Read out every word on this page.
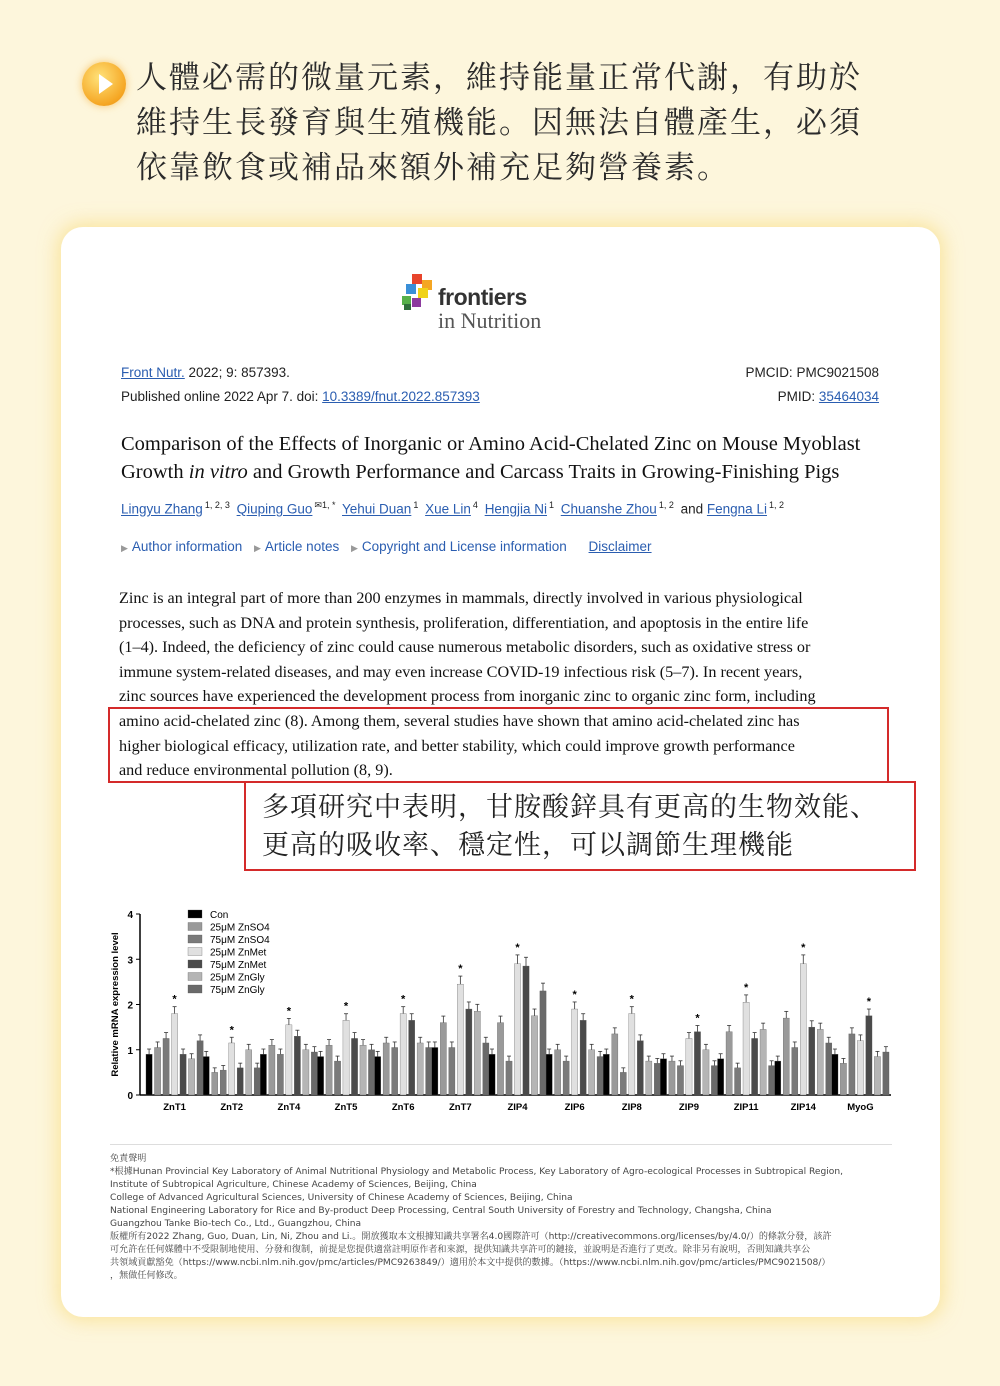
人體必需的微量元素，維持能量正常代謝，有助於
維持生長發育與生殖機能。因無法自體產生，必須
依靠飲食或補品來額外補充足夠營養素。
frontiers
in Nutrition
Front Nutr. 2022; 9: 857393.
Published online 2022 Apr 7. doi: 10.3389/fnut.2022.857393
PMCID: PMC9021508
PMID: 35464034
Comparison of the Effects of Inorganic or Amino Acid-Chelated Zinc on Mouse Myoblast
Growth in vitro and Growth Performance and Carcass Traits in Growing-Finishing Pigs
Lingyu Zhang $^{1, 2, 3}$ Qiuping Guo $^{✉1, *}$ Yehui Duan $^1$ Xue Lin $^4$ Hengjia Ni $^1$ Chuanshe Zhou $^{1, 2}$ and Fengna Li $^{1, 2}$
▶ Author information ▶ Article notes ▶ Copyright and License information Disclaimer
Zinc is an integral part of more than 200 enzymes in mammals, directly involved in various physiological
processes, such as DNA and protein synthesis, proliferation, differentiation, and apoptosis in the entire life
(1–4). Indeed, the deficiency of zinc could cause numerous metabolic disorders, such as oxidative stress or
immune system-related diseases, and may even increase COVID-19 infectious risk (5–7). In recent years,
zinc sources have experienced the development process from inorganic zinc to organic zinc form, including
amino acid-chelated zinc (8). Among them, several studies have shown that amino acid-chelated zinc has
higher biological efficacy, utilization rate, and better stability, which could improve growth performance
and reduce environmental pollution (8, 9).
多項研究中表明，甘胺酸鋅具有更高的生物效能、
更高的吸收率、穩定性，可以調節生理機能
0
1
2
3
4
Relative mRNA expression level
ZnT1	ZnT2	ZnT4	ZnT5	ZnT6	ZnT7	ZIP4	ZIP6	ZIP8	ZIP9	ZIP11	ZIP14	MyoG
*
*
*	*
*
*
*
*	*
*
*
*
*
Con
25μM ZnSO4
75μM ZnSO4
25μM ZnMet
75μM ZnMet
25μM ZnGly
75μM ZnGly
免責聲明
*根據Hunan Provincial Key Laboratory of Animal Nutritional Physiology and Metabolic Process, Key Laboratory of Agro-ecological Processes in Subtropical Region,
Institute of Subtropical Agriculture, Chinese Academy of Sciences, Beijing, China
College of Advanced Agricultural Sciences, University of Chinese Academy of Sciences, Beijing, China
National Engineering Laboratory for Rice and By-product Deep Processing, Central South University of Forestry and Technology, Changsha, China
Guangzhou Tanke Bio-tech Co., Ltd., Guangzhou, China
版權所有2022 Zhang, Guo, Duan, Lin, Ni, Zhou and Li.。開放獲取本文根據知識共享署名4.0國際許可（http://creativecommons.org/licenses/by/4.0/）的條款分發，該許
可允許在任何媒體中不受限制地使用、分發和復制，前提是您提供適當註明原作者和來源，提供知識共享許可的鏈接，並說明是否進行了更改。除非另有說明，否則知識共享公
共領域貢獻豁免（https://www.ncbi.nlm.nih.gov/pmc/articles/PMC9263849/）適用於本文中提供的數據。（https://www.ncbi.nlm.nih.gov/pmc/articles/PMC9021508/）
，無做任何修改。
